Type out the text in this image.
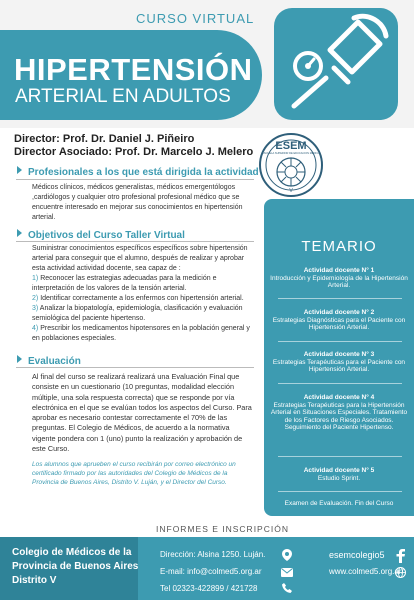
CURSO VIRTUAL
HIPERTENSIÓN
ARTERIAL EN ADULTOS
Director: Prof. Dr. Daniel J. Piñeiro
Director Asociado: Prof. Dr. Marcelo J. Melero	ESEM
ESCUELA SUPERIOR DE EDUCACIÓN MÉDICA
V
Profesionales a los que está dirigida la actividad
Médicos clínicos, médicos generalistas, médicos emergentólogos ,cardiólogos y cualquier otro profesional profesional médico que se encuentre interesado en mejorar sus conocimientos en hipertensión arterial.
Objetivos del Curso Taller Virtual
Suministrar conocimientos específicos específicos sobre hipertensión arterial para conseguir que el alumno, después de realizar y aprobar esta actividad actividad docente, sea capaz de :
1) Reconocer las estrategias adecuadas para la medición e interpretación de los valores de la tensión arterial.
2) Identificar correctamente a los enfermos con hipertensión arterial.
3) Analizar la biopatología, epidemiología, clasificación y evaluación semiológica del paciente hipertenso.
4) Prescribir los medicamentos hipotensores en la población general y en poblaciones especiales.
Evaluación
Al final del curso se realizará realizará una Evaluación Final que consiste en un cuestionario (10 preguntas, modalidad elección múltiple, una sola respuesta correcta) que se responde por vía electrónica en el que se evalúan todos los aspectos del Curso. Para aprobar es necesario contestar correctamente el 70% de las preguntas. El Colegio de Médicos, de acuerdo a la normativa vigente pondera con 1 (uno) punto la realización y aprobación de este Curso.
Los alumnos que aprueben el curso recibirán por correo electrónico un certificado firmado por las autoridades del Colegio de Médicos de la Provincia de Buenos Aires, Distrito V. Luján, y el Director del Curso.
TEMARIO
Actividad docente N° 1
Introducción y Epidemiología de la Hipertensión Arterial.
Actividad docente N° 2
Estrategias Diagnósticas para el Paciente con Hipertensión Arterial.
Actividad docente N° 3
Estrategias Terapéuticas para el Paciente con Hipertensión Arterial.
Actividad docente N° 4
Estrategias Terapéuticas para la Hipertensión Arterial en Situaciones Especiales. Tratamiento de los Factores de Riesgo Asociados. Seguimiento del Paciente Hipertenso.
Actividad docente N° 5
Estudio Sprint.
Examen de Evaluación. Fin del Curso
INFORMES E INSCRIPCIÓN
Colegio de Médicos de la
Provincia de Buenos Aires
Distrito V
Dirección: Alsina 1250. Luján.
E-mail: info@colmed5.org.ar
Tel 02323-422899 / 421728
esemcolegio5
www.colmed5.org.ar/
